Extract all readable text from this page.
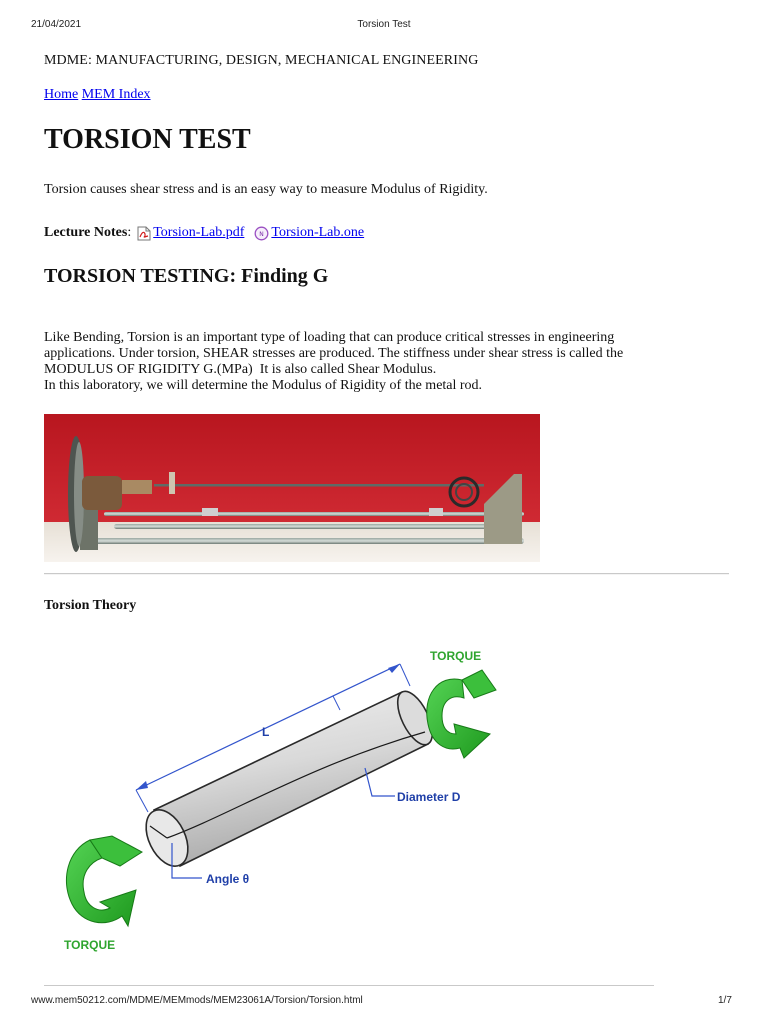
21/04/2021	Torsion Test
MDME: MANUFACTURING, DESIGN, MECHANICAL ENGINEERING
Home MEM Index
TORSION TEST
Torsion causes shear stress and is an easy way to measure Modulus of Rigidity.
Lecture Notes : Torsion-Lab.pdf	N Torsion-Lab.one
TORSION TESTING: Finding G
Like Bending, Torsion is an important type of loading that can produce critical stresses in engineering
applications. Under torsion, SHEAR stresses are produced. The stiffness under shear stress is called the
MODULUS OF RIGIDITY G.(MPa)  It is also called Shear Modulus.
In this laboratory, we will determine the Modulus of Rigidity of the metal rod.
Torsion Theory
L
Diameter D
Angle θ
TORQUE
TORQUE
www.mem50212.com/MDME/MEMmods/MEM23061A/Torsion/Torsion.html	1/7
